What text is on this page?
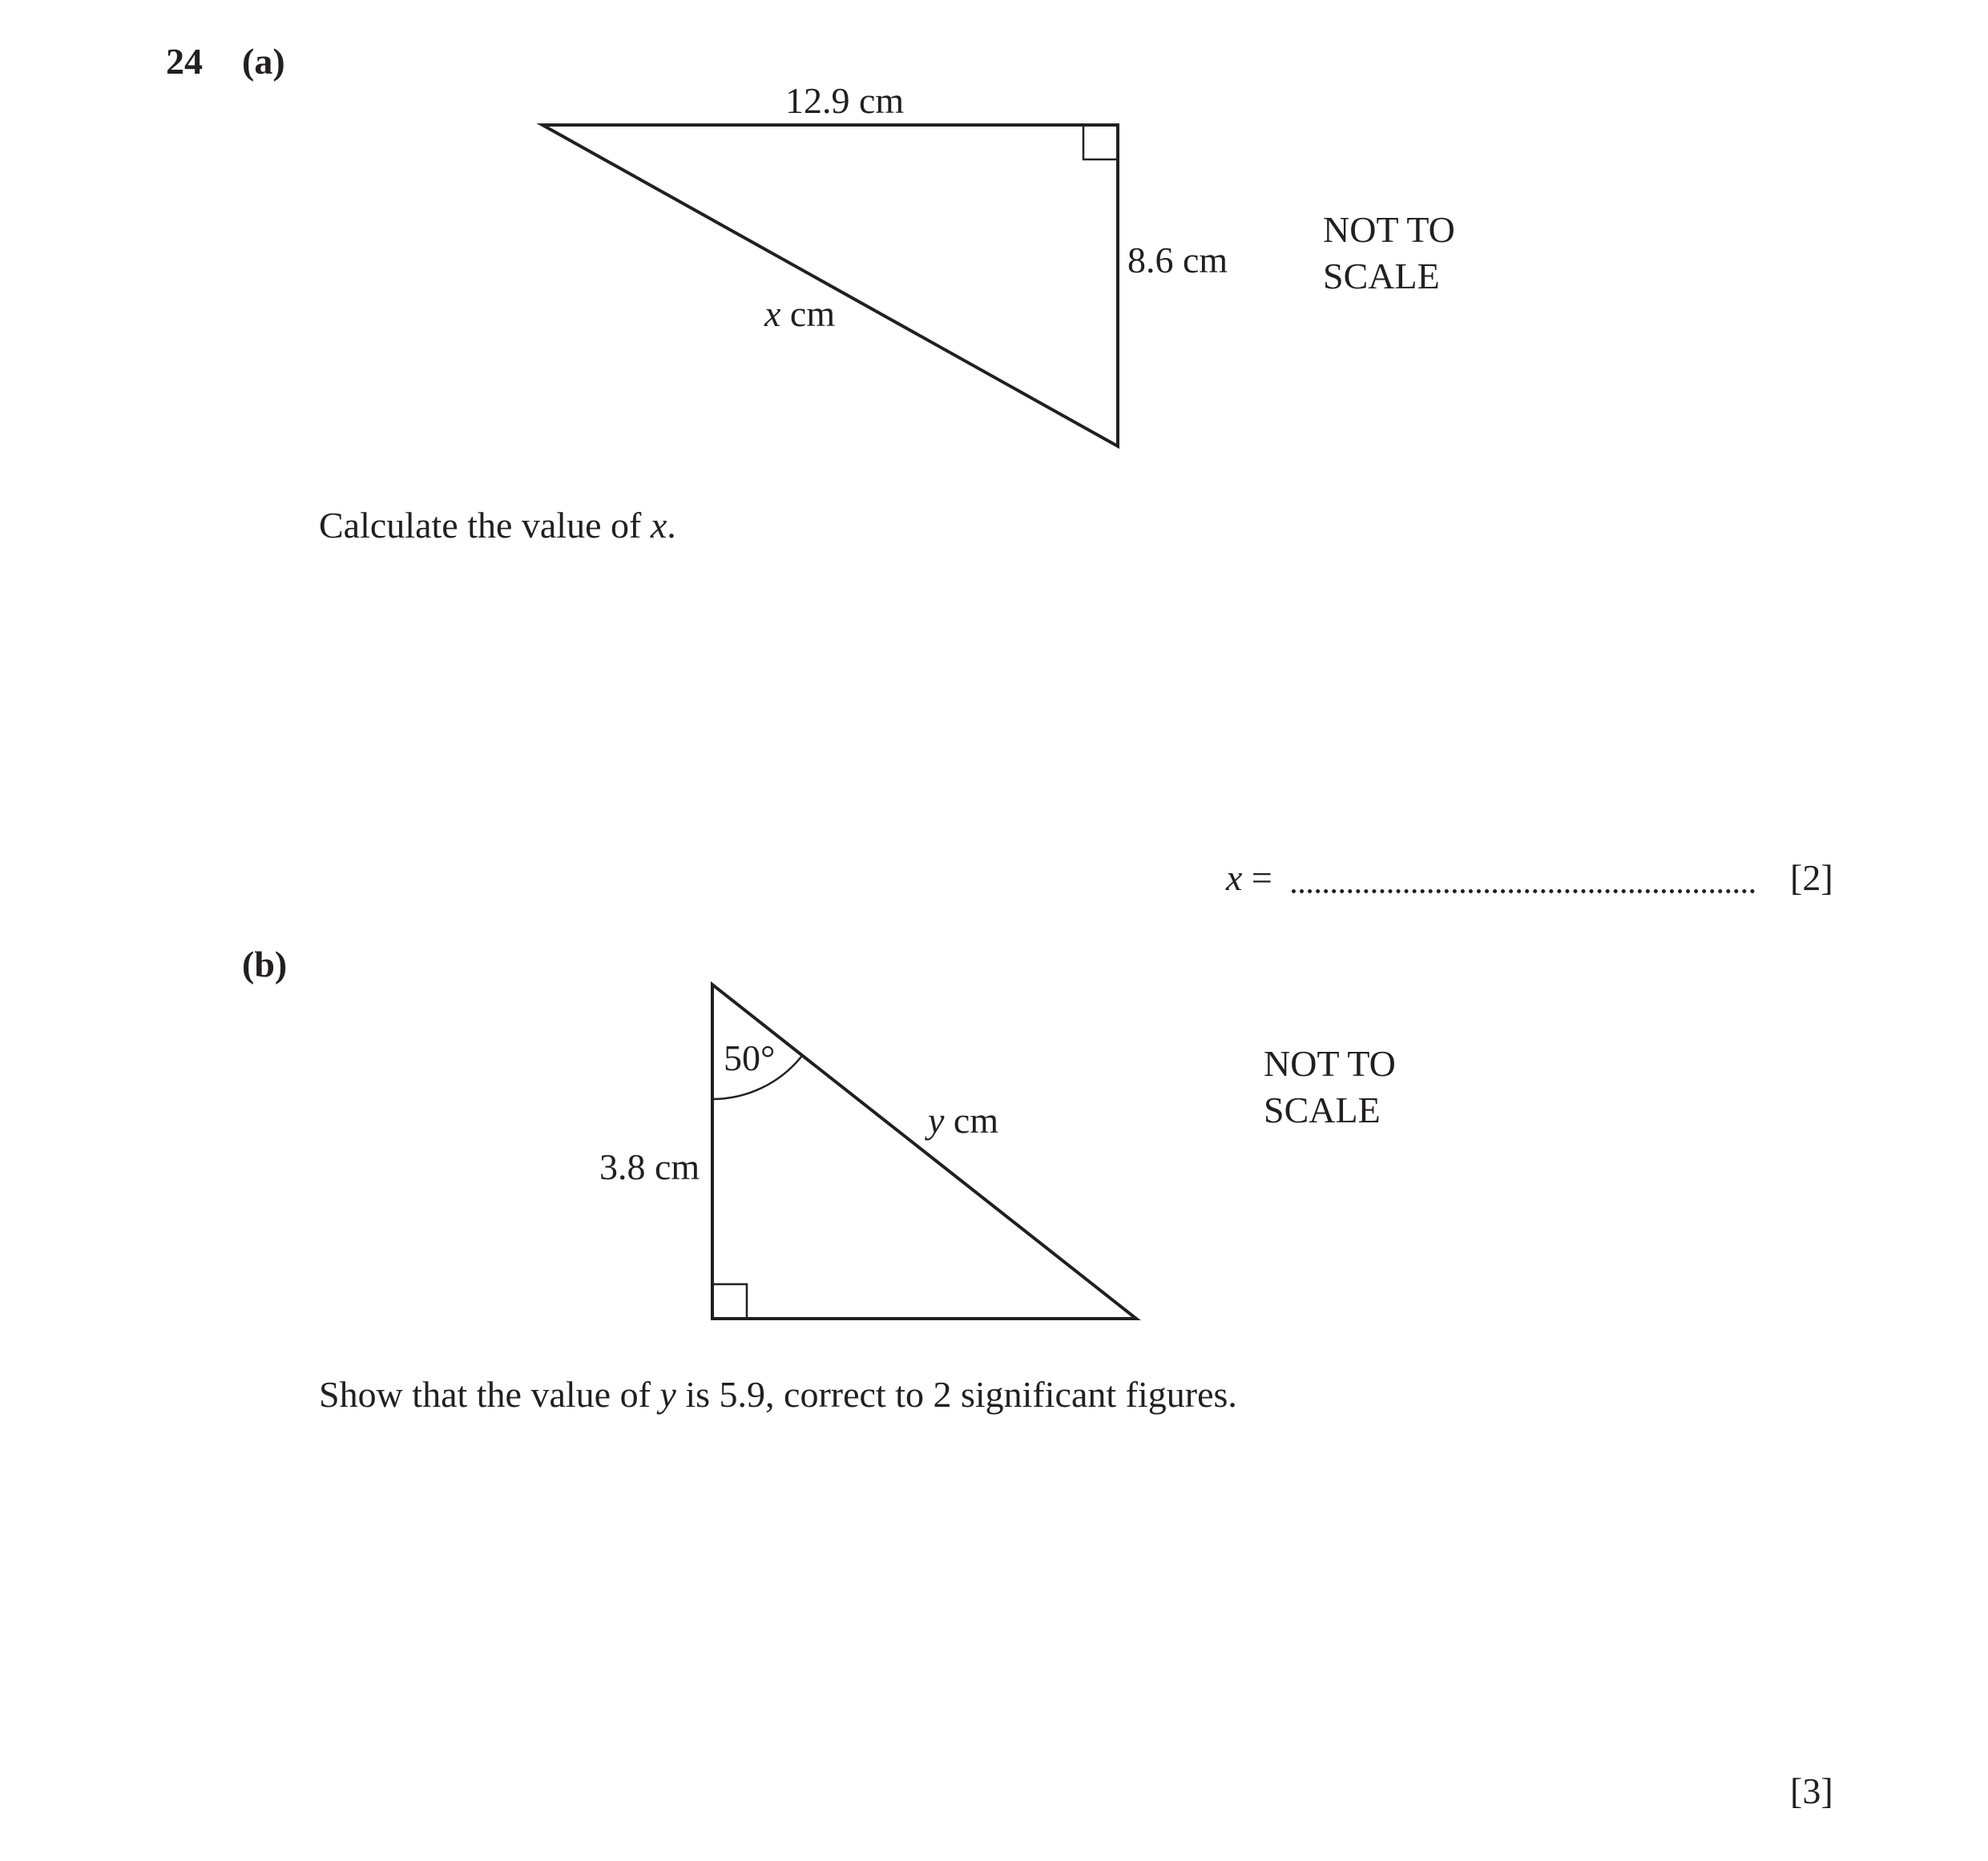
24 (a)
12.9 cm
8.6 cm
x cm
NOT TO
SCALE
Calculate the value of x.
x =	[2]
(b)
50°
y cm
3.8 cm
NOT TO
SCALE
Show that the value of y is 5.9, correct to 2 significant figures.
[3]
